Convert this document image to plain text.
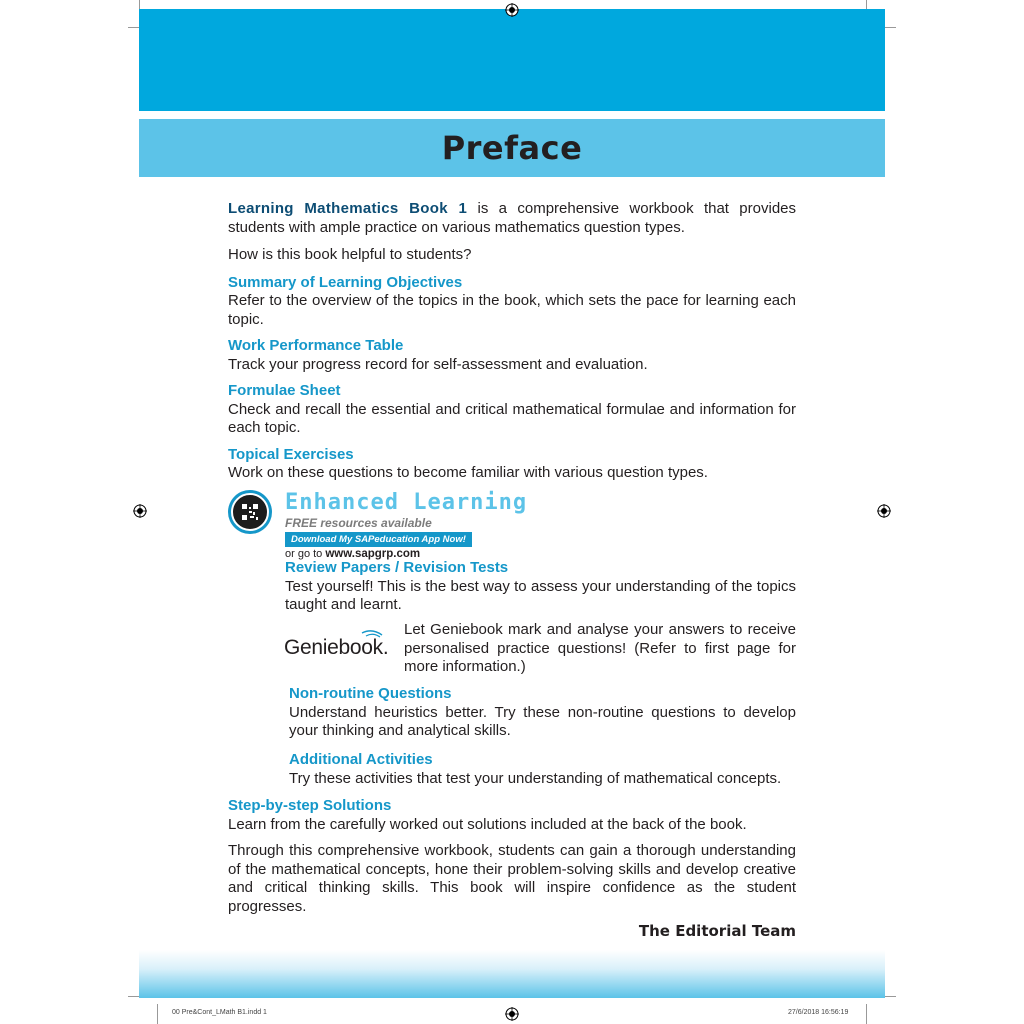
Preface

Learning Mathematics Book 1 is a comprehensive workbook that provides students with ample practice on various mathematics question types.

How is this book helpful to students?

Summary of Learning Objectives

Refer to the overview of the topics in the book, which sets the pace for learning each topic.

Work Performance Table

Track your progress record for self-assessment and evaluation.

Formulae Sheet

Check and recall the essential and critical mathematical formulae and information for each topic.

Topical Exercises

Work on these questions to become familiar with various question types.

Enhanced Learning
FREE resources available
Download My SAPeducation App Now!
or go to www.sapgrp.com
Review Papers / Revision Tests

Test yourself! This is the best way to assess your understanding of the topics taught and learnt.

Geniebook.
Let Geniebook mark and analyse your answers to receive personalised practice questions! (Refer to first page for more information.)
Non-routine Questions

Understand heuristics better. Try these non-routine questions to develop your thinking and analytical skills.

Additional Activities

Try these activities that test your understanding of mathematical concepts.

Step-by-step Solutions

Learn from the carefully worked out solutions included at the back of the book.

Through this comprehensive workbook, students can gain a thorough understanding of the mathematical concepts, hone their problem-solving skills and develop creative and critical thinking skills. This book will inspire confidence as the student progresses.

The Editorial Team
00 Pre&Cont_LMath B1.indd 1	27/6/2018 16:56:19
